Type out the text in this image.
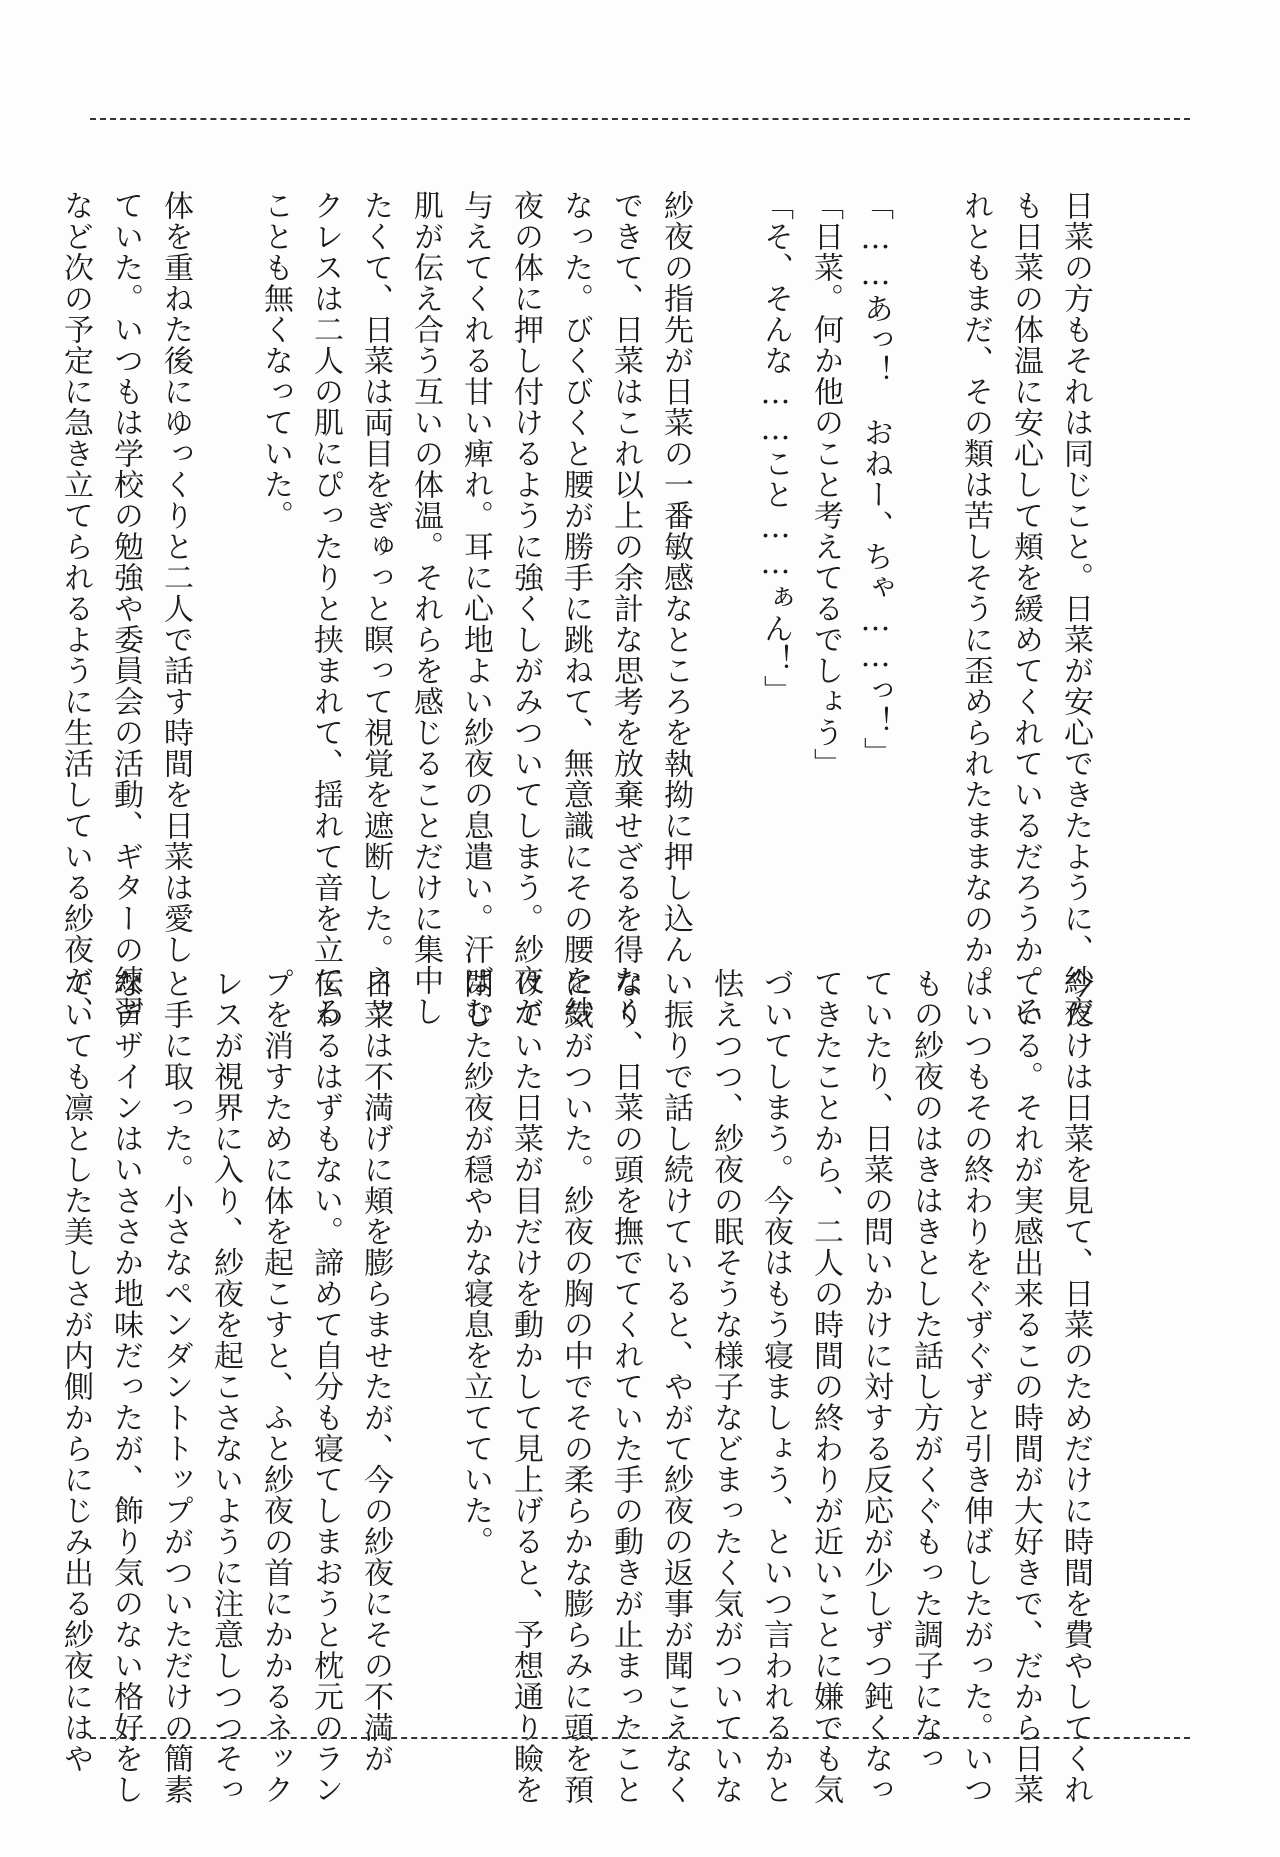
日菜の方もそれは同じこと。日菜が安心できたように、紗夜
も日菜の体温に安心して頬を緩めてくれているだろうか。そ
れともまだ、その類は苦しそうに歪められたままなのか。
「……あっ！　おねー、ちゃ……っ！」
「日菜。何か他のこと考えてるでしょう」
「そ、そんな……こと……ぁん！」
紗夜の指先が日菜の一番敏感なところを執拗に押し込ん
できて、日菜はこれ以上の余計な思考を放棄せざるを得なく
なった。びくびくと腰が勝手に跳ねて、無意識にその腰を紗
夜の体に押し付けるように強くしがみついてしまう。紗夜が
与えてくれる甘い痺れ。耳に心地よい紗夜の息遣い。汗ばむ
肌が伝え合う互いの体温。それらを感じることだけに集中し
たくて、日菜は両目をぎゅっと瞑って視覚を遮断した。ネッ
クレスは二人の肌にぴったりと挟まれて、揺れて音を立てる
ことも無くなっていた。
体を重ねた後にゆっくりと二人で話す時間を日菜は愛し
ていた。いつもは学校の勉強や委員会の活動、ギターの練習
など次の予定に急き立てられるように生活している紗夜が、
今だけは日菜を見て、日菜のためだけに時間を費やしてくれ
ている。それが実感出来るこの時間が大好きで、だから日菜
はいつもその終わりをぐずぐずと引き伸ばしたがった。いつ
もの紗夜のはきはきとした話し方がくぐもった調子になっ
ていたり、日菜の問いかけに対する反応が少しずつ鈍くなっ
てきたことから、二人の時間の終わりが近いことに嫌でも気
づいてしまう。今夜はもう寝ましょう、といつ言われるかと
怯えつつ、紗夜の眠そうな様子などまったく気がついていな
い振りで話し続けていると、やがて紗夜の返事が聞こえなく
なり、日菜の頭を撫でてくれていた手の動きが止まったこと
に気がついた。紗夜の胸の中でその柔らかな膨らみに頭を預
けていた日菜が目だけを動かして見上げると、予想通り瞼を
閉じた紗夜が穏やかな寝息を立てていた。
日菜は不満げに頬を膨らませたが、今の紗夜にその不満が
伝わるはずもない。諦めて自分も寝てしまおうと枕元のラン
プを消すために体を起こすと、ふと紗夜の首にかかるネック
レスが視界に入り、紗夜を起こさないように注意しつつそっ
と手に取った。小さなペンダントトップがついただけの簡素
なデザインはいささか地味だったが、飾り気のない格好をし
ていても凛とした美しさが内側からにじみ出る紗夜にはや
